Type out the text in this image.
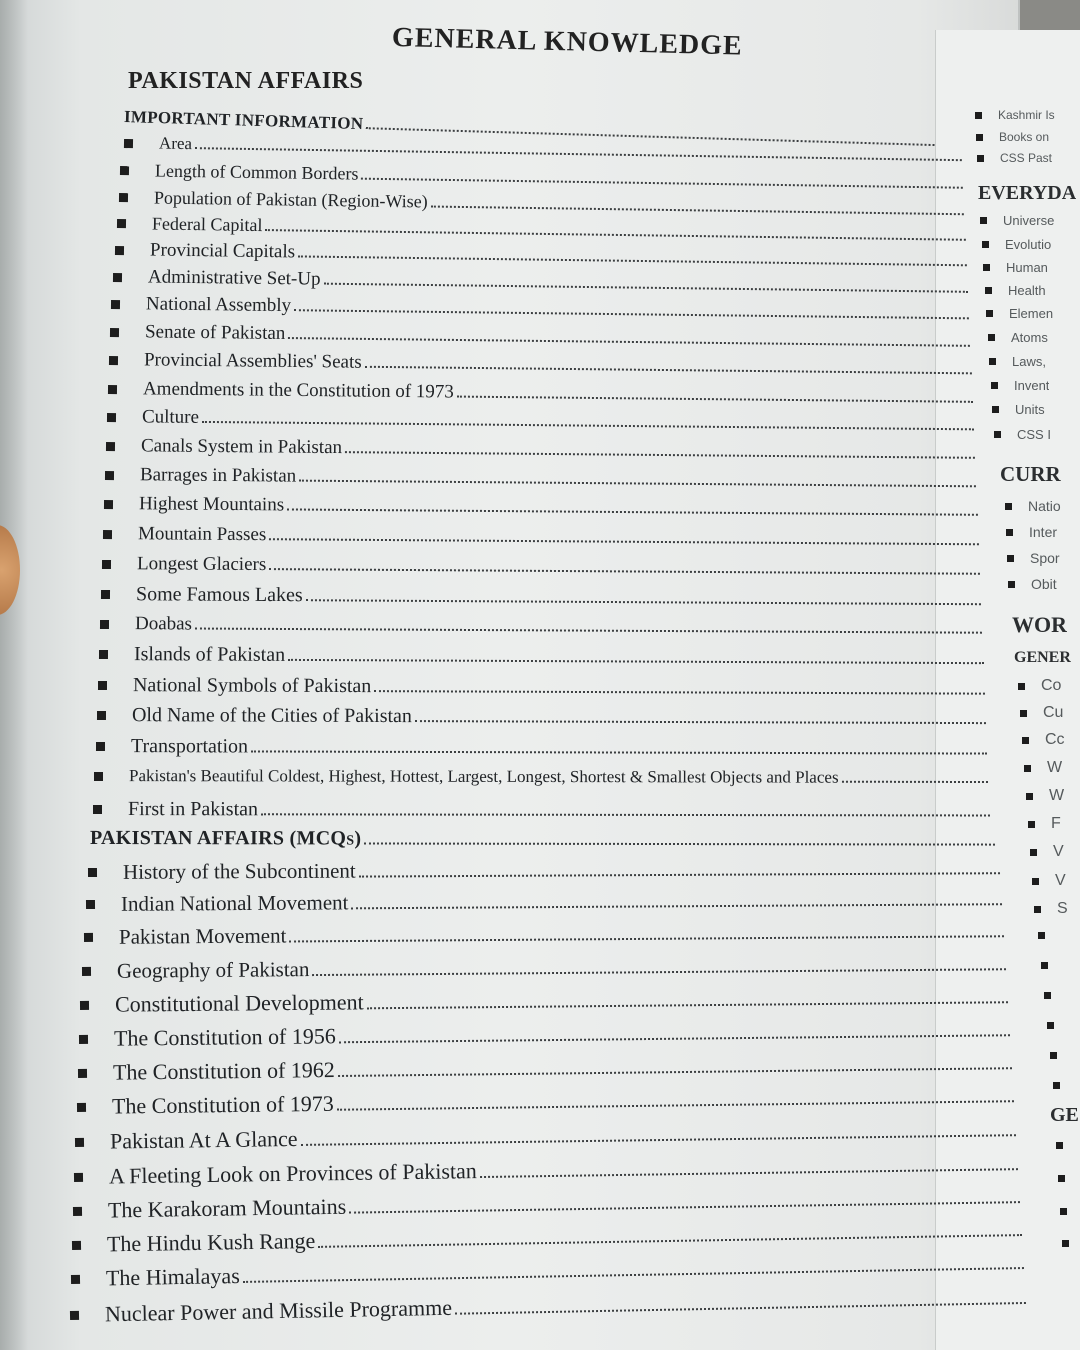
GENERAL KNOWLEDGE
PAKISTAN AFFAIRS
IMPORTANT INFORMATION
Area
Length of Common Borders
Population of Pakistan (Region-Wise)
Federal Capital
Provincial Capitals
Administrative Set-Up
National Assembly
Senate of Pakistan
Provincial Assemblies' Seats
Amendments in the Constitution of 1973
Culture
Canals System in Pakistan
Barrages in Pakistan
Highest Mountains
Mountain Passes
Longest Glaciers
Some Famous Lakes
Doabas
Islands of Pakistan
National Symbols of Pakistan
Old Name of the Cities of Pakistan
Transportation
Pakistan's Beautiful Coldest, Highest, Hottest, Largest, Longest, Shortest & Smallest Objects and Places
First in Pakistan
PAKISTAN AFFAIRS (MCQs)
History of the Subcontinent
Indian National Movement
Pakistan Movement
Geography of Pakistan
Constitutional Development
The Constitution of 1956
The Constitution of 1962
The Constitution of 1973
Pakistan At A Glance
A Fleeting Look on Provinces of Pakistan
The Karakoram Mountains
The Hindu Kush Range
The Himalayas
Nuclear Power and Missile Programme
Kashmir Is
Books on
CSS Past
EVERYDA
Universe
Evolutio
Human
Health
Elemen
Atoms
Laws,
Invent
Units
CSS I
CURR
Natio
Inter
Spor
Obit
WOR
GENER
Co
Cu
Cc
W
W
F
V
V
S
GE
